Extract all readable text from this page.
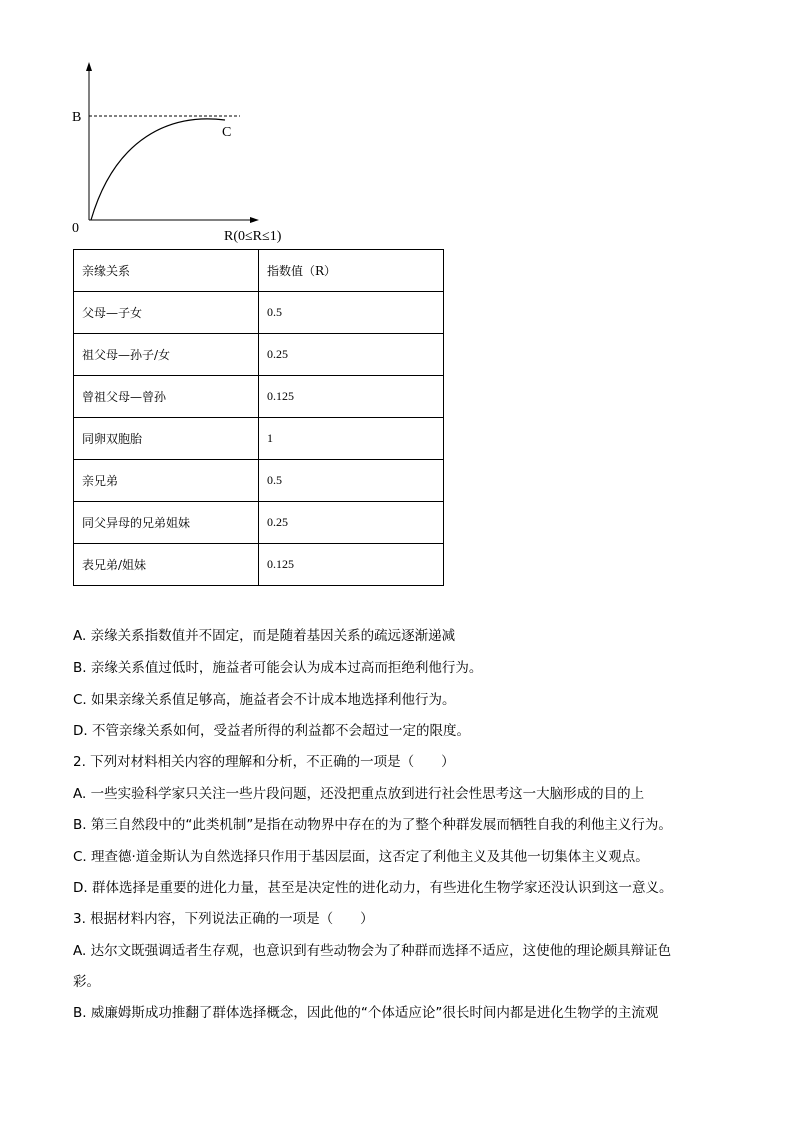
B
C
0
R(0≤R≤1)
亲缘关系	指数值（R）
父母—子女	0.5
祖父母—孙子/女	0.25
曾祖父母—曾孙	0.125
同卵双胞胎	1
亲兄弟	0.5
同父异母的兄弟姐妹	0.25
表兄弟/姐妹	0.125
A. 亲缘关系指数值并不固定，而是随着基因关系的疏远逐渐递减
B. 亲缘关系值过低时，施益者可能会认为成本过高而拒绝利他行为。
C. 如果亲缘关系值足够高，施益者会不计成本地选择利他行为。
D. 不管亲缘关系如何，受益者所得的利益都不会超过一定的限度。
2. 下列对材料相关内容的理解和分析，不正确的一项是（　　）
A. 一些实验科学家只关注一些片段问题，还没把重点放到进行社会性思考这一大脑形成的目的上
B. 第三自然段中的“此类机制”是指在动物界中存在的为了整个种群发展而牺牲自我的利他主义行为。
C. 理查德·道金斯认为自然选择只作用于基因层面，这否定了利他主义及其他一切集体主义观点。
D. 群体选择是重要的进化力量，甚至是决定性的进化动力，有些进化生物学家还没认识到这一意义。
3. 根据材料内容，下列说法正确的一项是（　　）
A. 达尔文既强调适者生存观，也意识到有些动物会为了种群而选择不适应，这使他的理论颇具辩证色
彩。
B. 威廉姆斯成功推翻了群体选择概念，因此他的“个体适应论”很长时间内都是进化生物学的主流观
